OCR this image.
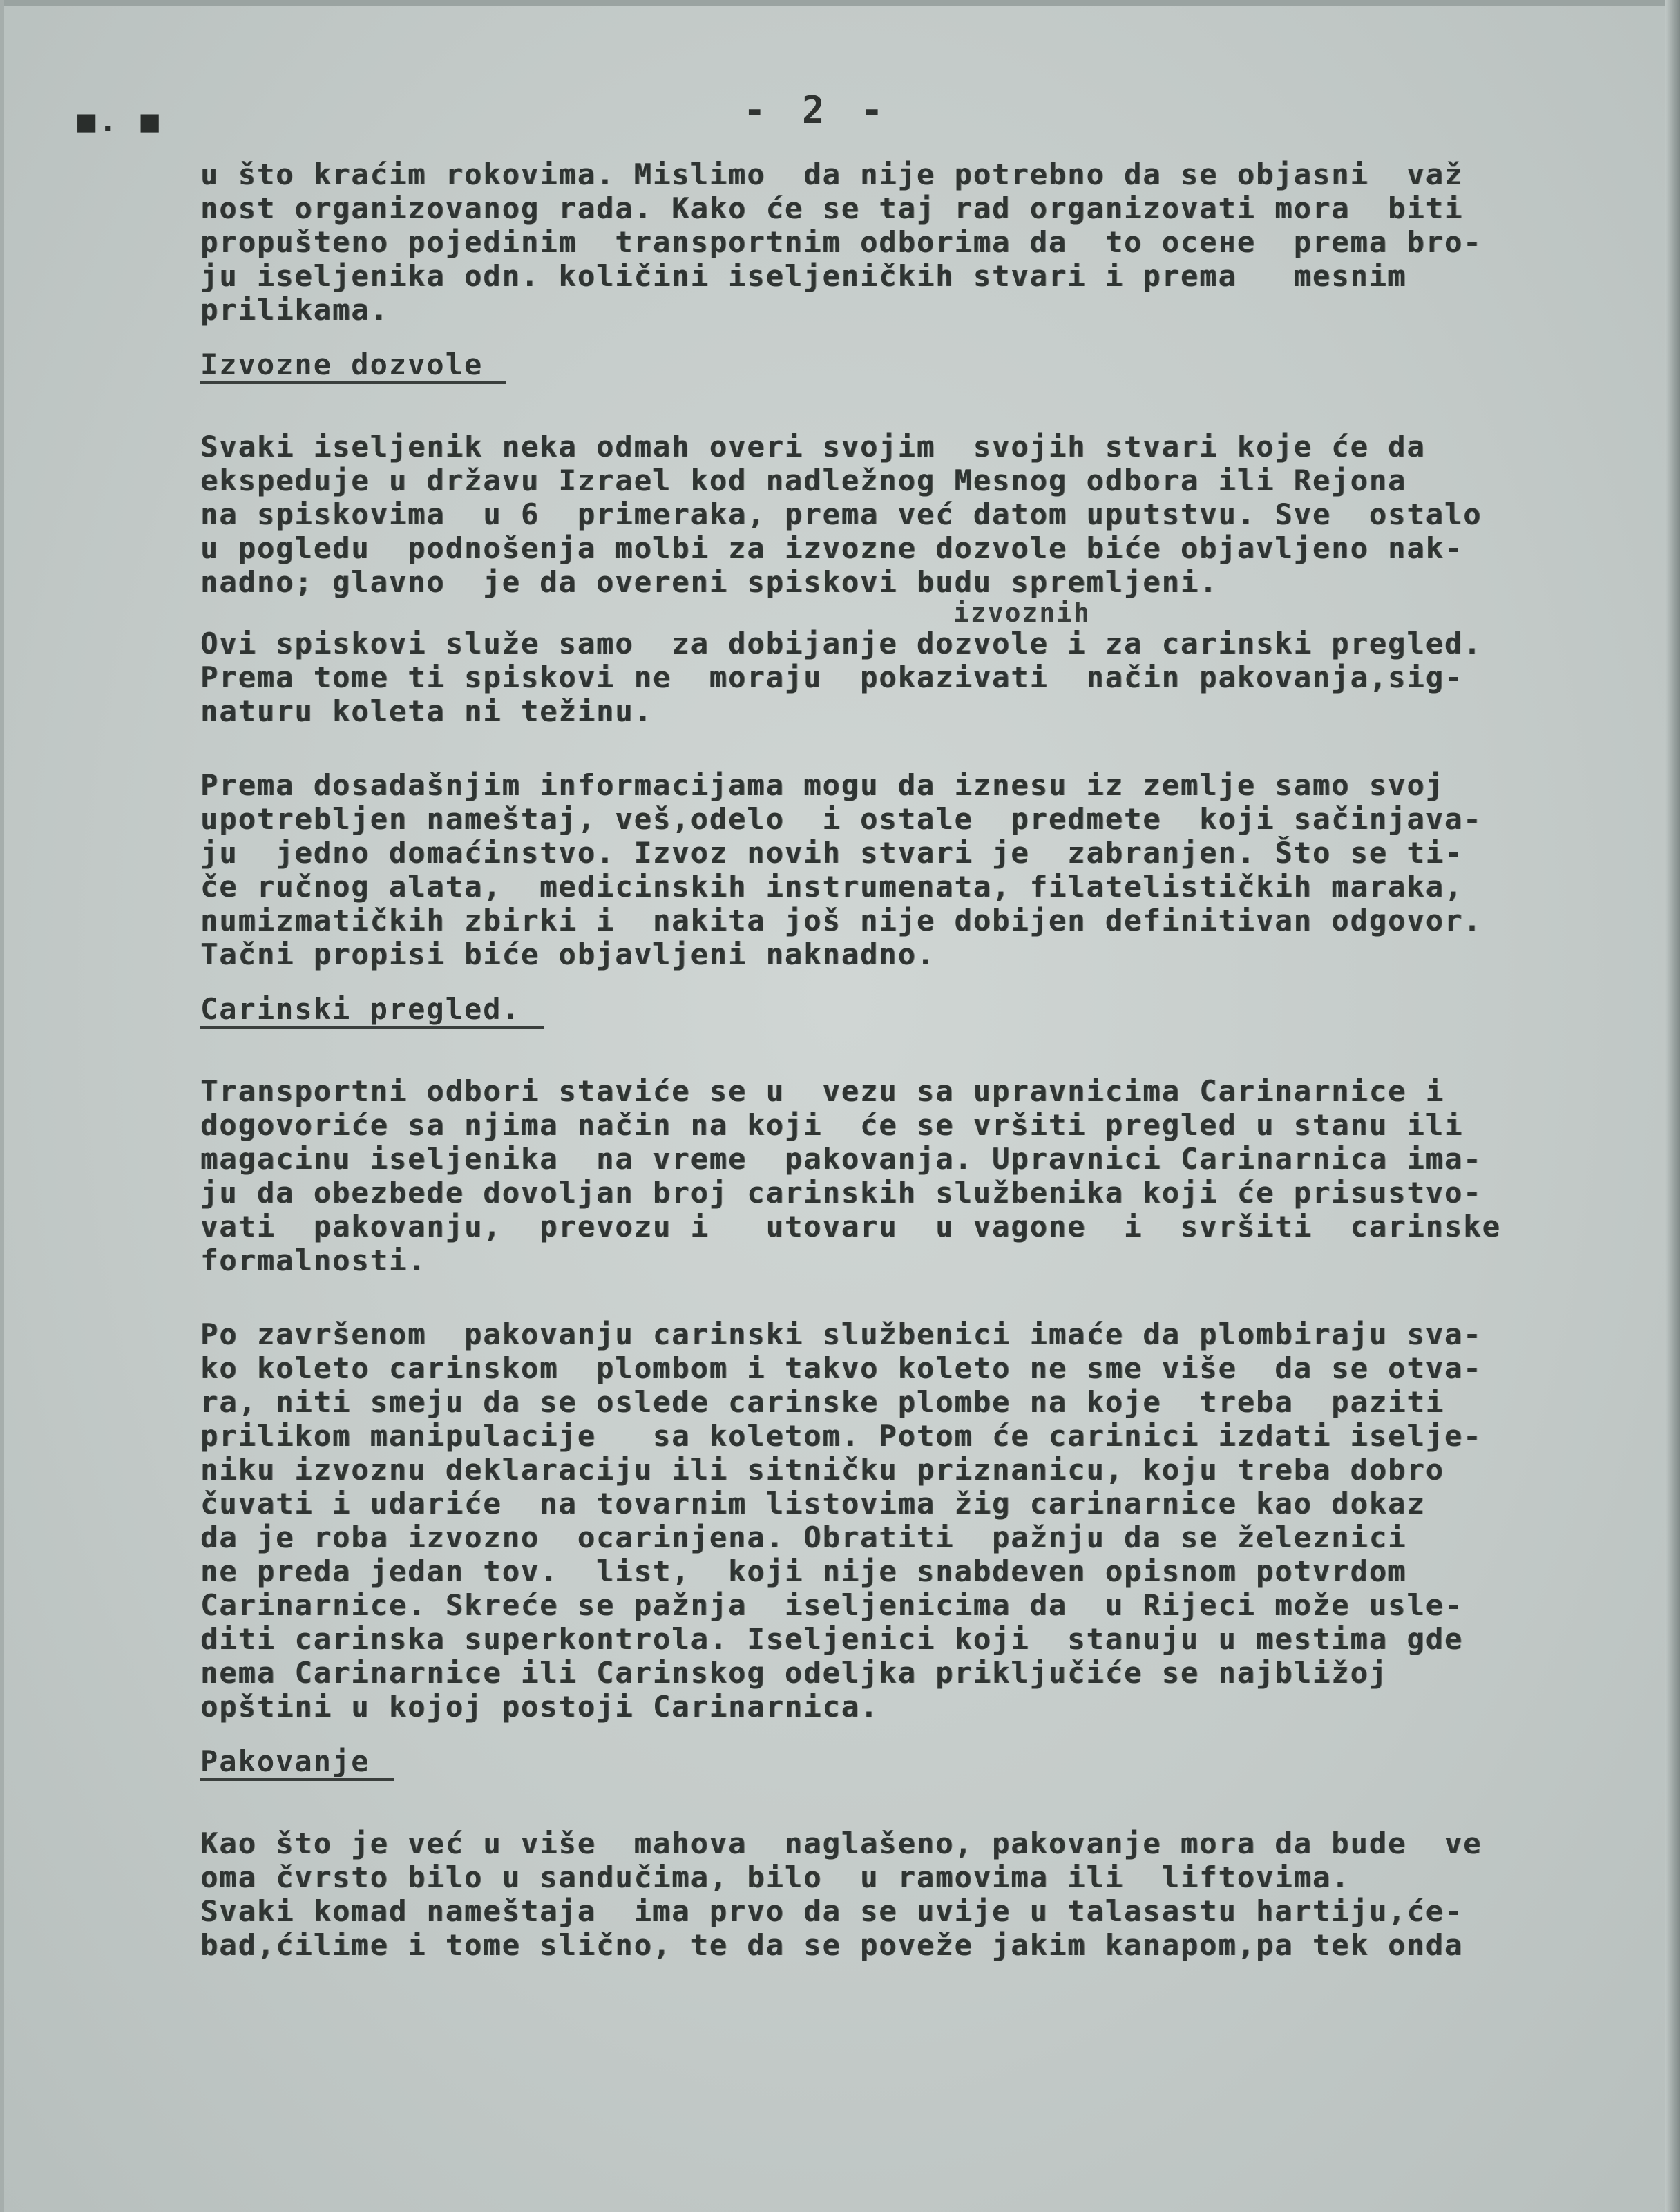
■. ■	- 2 -
u što kraćim rokovima. Mislimo  da nije potrebno da se objasni  važ
nost organizovanog rada. Kako će se taj rad organizovati mora  biti
propušteno pojedinim  transportnim odborima da  to oceне  prema bro-
ju iseljenika odn. količini iseljeničkih stvari i prema   mesnim
prilikama.
Izvozne dozvole
Svaki iseljenik neka odmah overi svojim  svojih stvari koje će da
ekspeduje u državu Izrael kod nadležnog Mesnog odbora ili Rejona
na spiskovima  u 6  primeraka, prema već datom uputstvu. Sve  ostalo
u pogledu  podnošenja molbi za izvozne dozvole biće objavljeno nak-
nadno; glavno  je da overeni spiskovi budu spremljeni.
izvoznih
Ovi spiskovi služe samo  za dobijanje dozvole i za carinski pregled.
Prema tome ti spiskovi ne  moraju  pokazivati  način pakovanja,sig-
naturu koleta ni težinu.
Prema dosadašnjim informacijama mogu da iznesu iz zemlje samo svoj
upotrebljen nameštaj, veš,odelo  i ostale  predmete  koji sačinjava-
ju  jedno domaćinstvo. Izvoz novih stvari je  zabranjen. Što se ti-
če ručnog alata,  medicinskih instrumenata, filatelističkih maraka,
numizmatičkih zbirki i  nakita još nije dobijen definitivan odgovor.
Tačni propisi biće objavljeni naknadno.
Carinski pregled.
Transportni odbori staviće se u  vezu sa upravnicima Carinarnice i
dogovoriće sa njima način na koji  će se vršiti pregled u stanu ili
magacinu iseljenika  na vreme  pakovanja. Upravnici Carinarnica ima-
ju da obezbede dovoljan broj carinskih službenika koji će prisustvo-
vati  pakovanju,  prevozu i   utovaru  u vagone  i  svršiti  carinske
formalnosti.
Po završenom  pakovanju carinski službenici imaće da plombiraju sva-
ko koleto carinskom  plombom i takvo koleto ne sme više  da se otva-
ra, niti smeju da se oslede carinske plombe na koje  treba  paziti
prilikom manipulacije   sa koletom. Potom će carinici izdati iselje-
niku izvoznu deklaraciju ili sitničku priznanicu, koju treba dobro
čuvati i udariće  na tovarnim listovima žig carinarnice kao dokaz
da je roba izvozno  ocarinjena. Obratiti  pažnju da se železnici
ne predа jedan tov.  list,  koji nije snabdeven opisnom potvrdom
Carinarnice. Skreće se pažnja  iseljenicima da  u Rijeci može usle-
diti carinska superkontrola. Iseljenici koji  stanuju u mestima gde
nema Carinarnice ili Carinskog odeljka priključiće se najbližoj
opštini u kojoj postoji Carinarnica.
Pakovanje
Kao što je već u više  mahova  naglašeno, pakovanje mora da bude  ve
oma čvrsto bilo u sandučima, bilo  u ramovima ili  liftovima.
Svaki komad nameštaja  ima prvo da se uvije u talasastu hartiju,će-
bad,ćilime i tome slično, te da se poveže jakim kanapom,pa tek onda
